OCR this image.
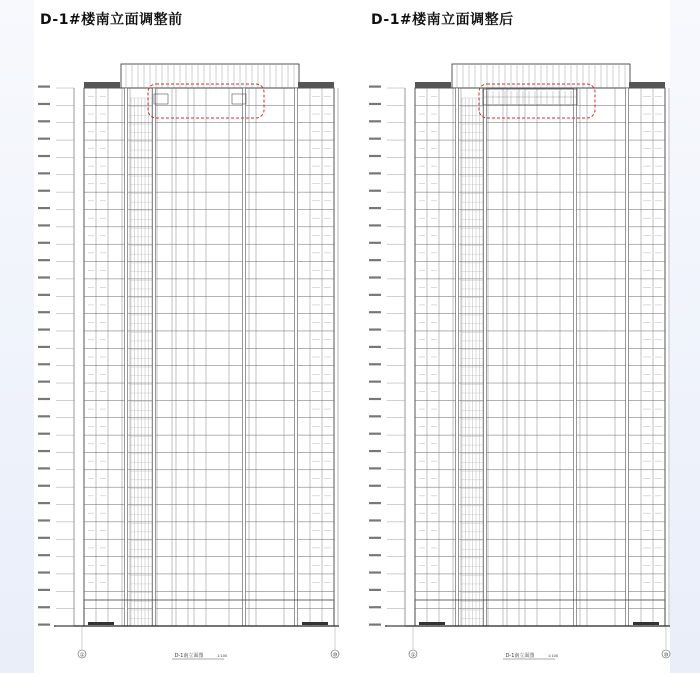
D-1#楼南立面调整前	D-1#楼南立面调整后
①	⑩
D-1南立面图	1:100	①	⑩
D-1南立面图	1:100
